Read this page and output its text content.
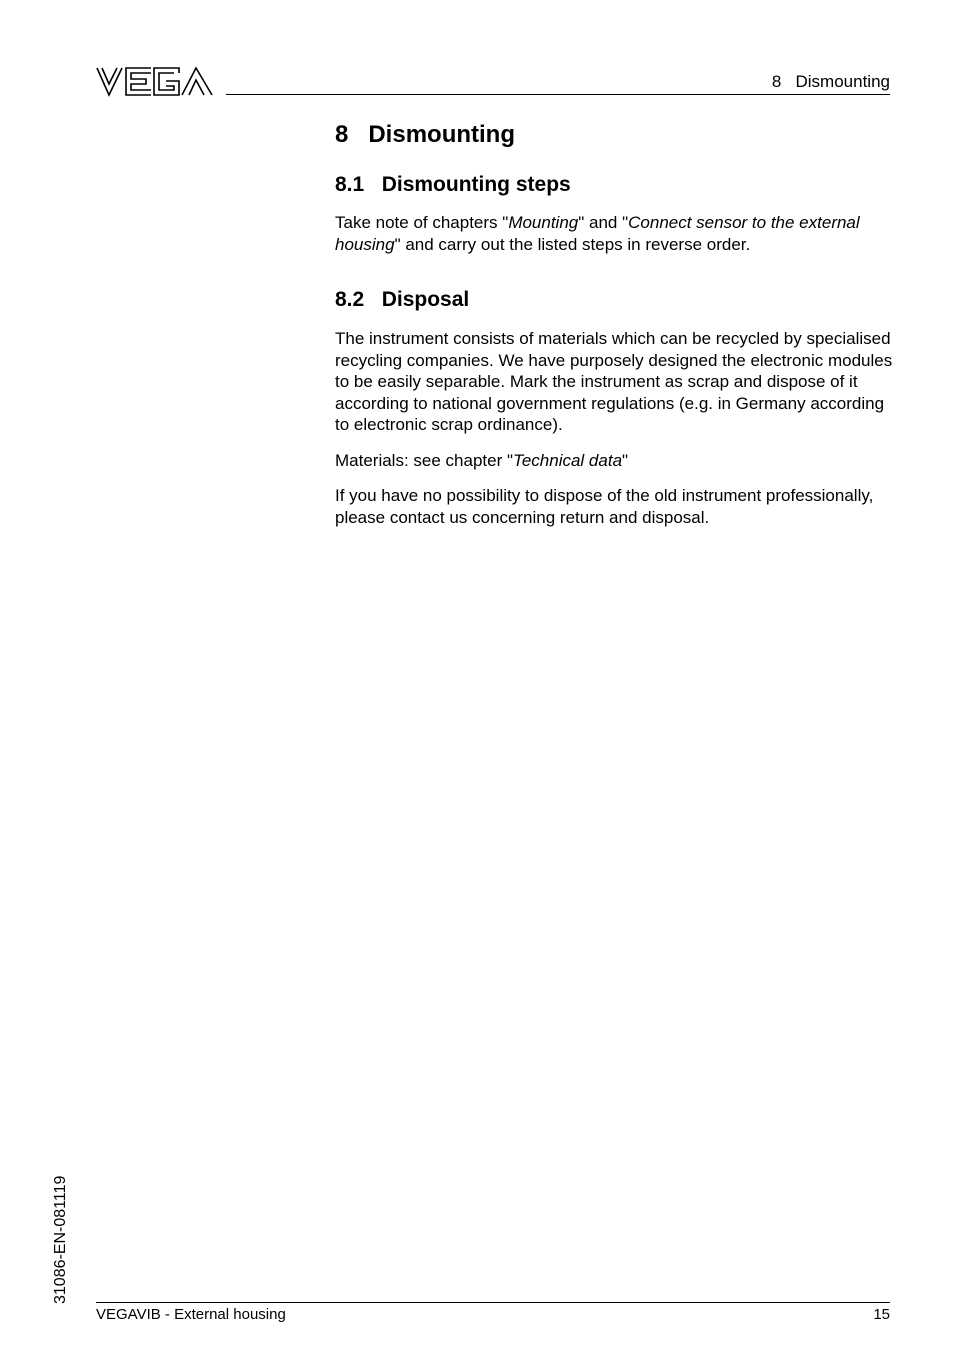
8   Dismounting
8   Dismounting
8.1   Dismounting steps

Take note of chapters "Mounting" and "Connect sensor to the external housing" and carry out the listed steps in reverse order.

8.2   Disposal

The instrument consists of materials which can be recycled by specialised recycling companies. We have purposely designed the electronic modules to be easily separable. Mark the instrument as scrap and dispose of it according to national government regulations (e.g. in Germany according to electronic scrap ordinance).

Materials: see chapter "Technical data"

If you have no possibility to dispose of the old instrument professionally, please contact us concerning return and disposal.

31086-EN-081119
VEGAVIB - External housing	15
